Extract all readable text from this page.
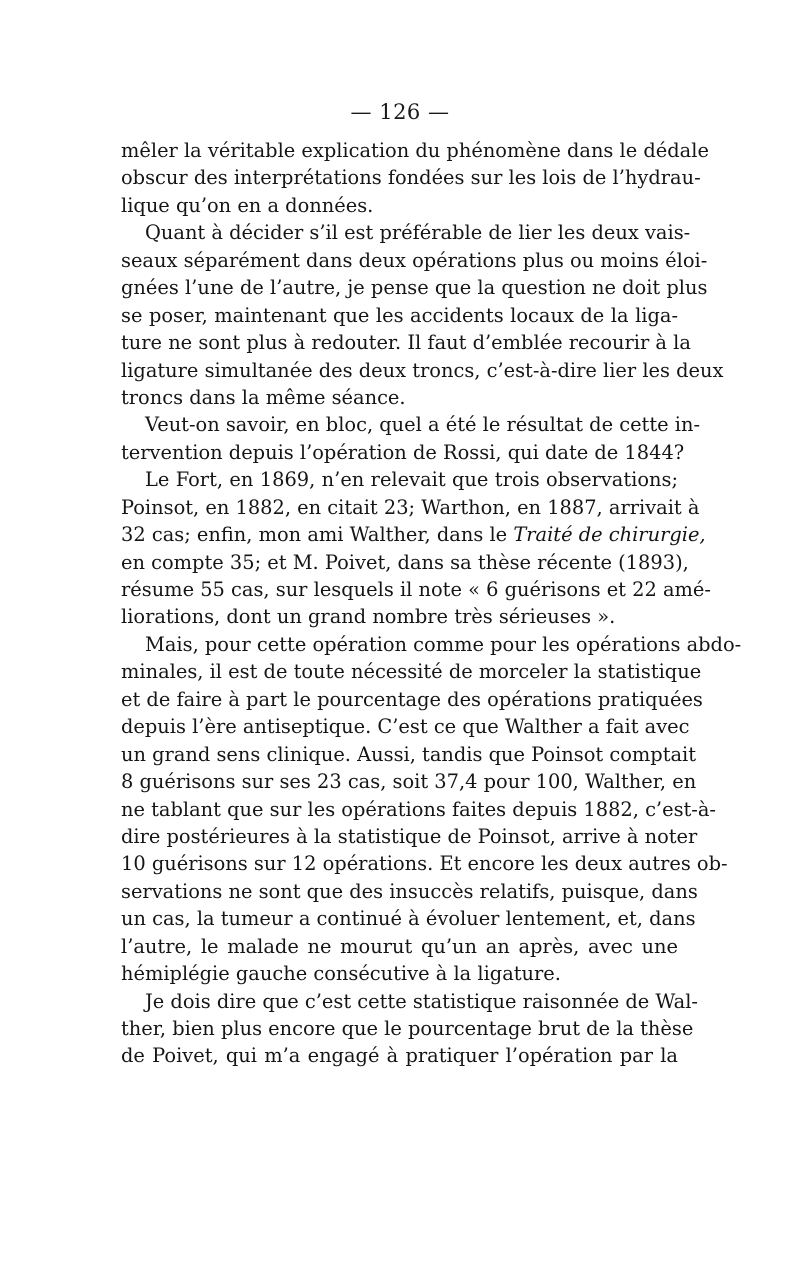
— 126 —
mêler la véritable explication du phénomène dans le dédale
obscur des interprétations fondées sur les lois de l’hydrau-
lique qu’on en a données.
Quant à décider s’il est préférable de lier les deux vais-
seaux séparément dans deux opérations plus ou moins éloi-
gnées l’une de l’autre, je pense que la question ne doit plus
se poser, maintenant que les accidents locaux de la liga-
ture ne sont plus à redouter. Il faut d’emblée recourir à la
ligature simultanée des deux troncs, c’est-à-dire lier les deux
troncs dans la même séance.
Veut-on savoir, en bloc, quel a été le résultat de cette in-
tervention depuis l’opération de Rossi, qui date de 1844?
Le Fort, en 1869, n’en relevait que trois observations;
Poinsot, en 1882, en citait 23; Warthon, en 1887, arrivait à
32 cas; enfin, mon ami Walther, dans le Traité de chirurgie,
en compte 35; et M. Poivet, dans sa thèse récente (1893),
résume 55 cas, sur lesquels il note « 6 guérisons et 22 amé-
liorations, dont un grand nombre très sérieuses ».
Mais, pour cette opération comme pour les opérations abdo-
minales, il est de toute nécessité de morceler la statistique
et de faire à part le pourcentage des opérations pratiquées
depuis l’ère antiseptique. C’est ce que Walther a fait avec
un grand sens clinique. Aussi, tandis que Poinsot comptait
8 guérisons sur ses 23 cas, soit 37,4 pour 100, Walther, en
ne tablant que sur les opérations faites depuis 1882, c’est-à-
dire postérieures à la statistique de Poinsot, arrive à noter
10 guérisons sur 12 opérations. Et encore les deux autres ob-
servations ne sont que des insuccès relatifs, puisque, dans
un cas, la tumeur a continué à évoluer lentement, et, dans
l’autre, le malade ne mourut qu’un an après, avec une
hémiplégie gauche consécutive à la ligature.
Je dois dire que c’est cette statistique raisonnée de Wal-
ther, bien plus encore que le pourcentage brut de la thèse
de Poivet, qui m’a engagé à pratiquer l’opération par la
